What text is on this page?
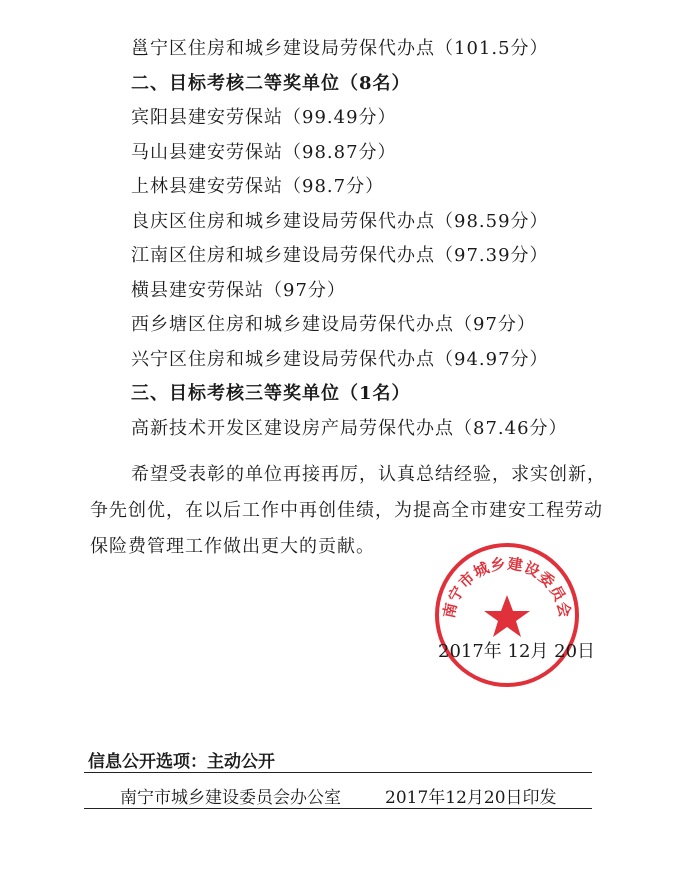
邕宁区住房和城乡建设局劳保代办点（101.5分）
二、目标考核二等奖单位（8名）
宾阳县建安劳保站（99.49分）
马山县建安劳保站（98.87分）
上林县建安劳保站（98.7分）
良庆区住房和城乡建设局劳保代办点（98.59分）
江南区住房和城乡建设局劳保代办点（97.39分）
横县建安劳保站（97分）
西乡塘区住房和城乡建设局劳保代办点（97分）
兴宁区住房和城乡建设局劳保代办点（94.97分）
三、目标考核三等奖单位（1名）
高新技术开发区建设房产局劳保代办点（87.46分）
希望受表彰的单位再接再厉，认真总结经验，求实创新，争先创优，在以后工作中再创佳绩，为提高全市建安工程劳动保险费管理工作做出更大的贡献。
南宁市城乡建设委员会
2017年 12月 20日
信息公开选项：主动公开
南宁市城乡建设委员会办公室	2017年12月20日印发
